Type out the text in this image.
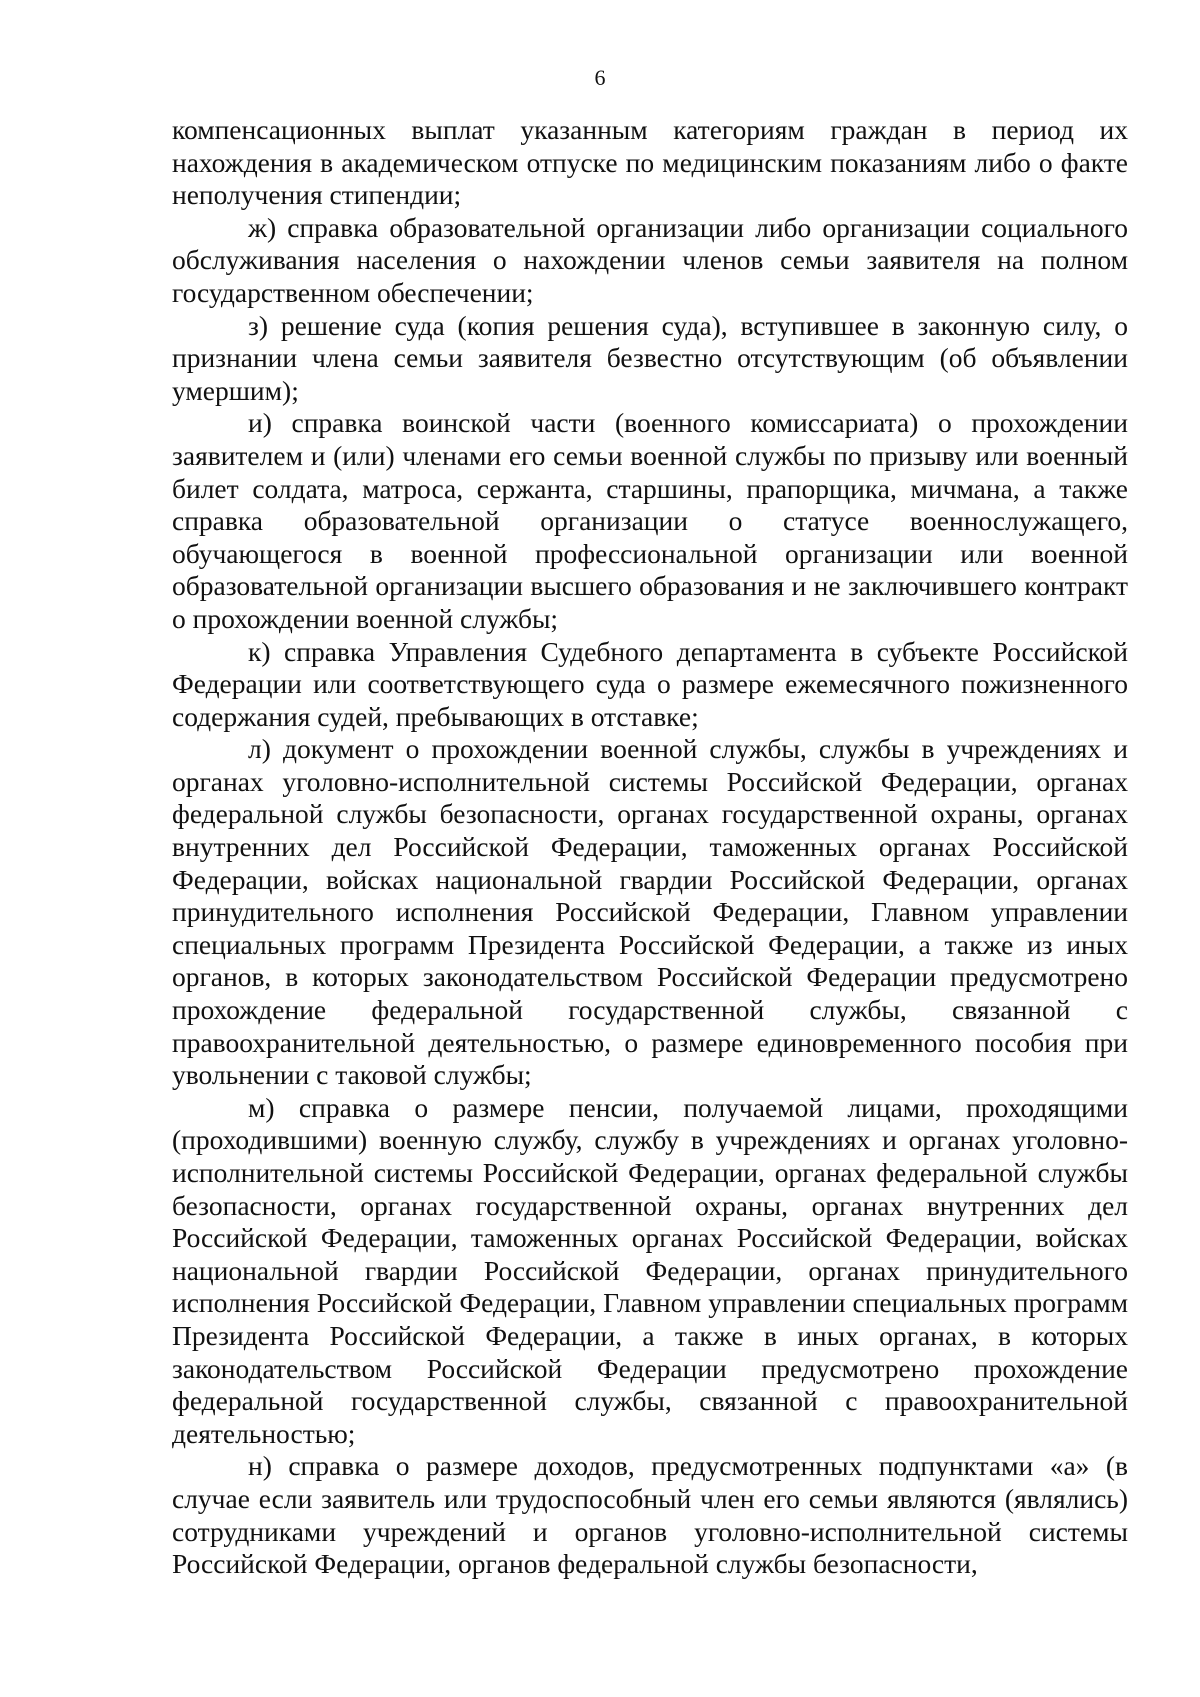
6

компенсационных выплат указанным категориям граждан в период их нахождения в академическом отпуске по медицинским показаниям либо о факте неполучения стипендии;

ж) справка образовательной организации либо организации социального обслуживания населения о нахождении членов семьи заявителя на полном государственном обеспечении;

з) решение суда (копия решения суда), вступившее в законную силу, о признании члена семьи заявителя безвестно отсутствующим (об объявлении умершим);

и) справка воинской части (военного комиссариата) о прохождении заявителем и (или) членами его семьи военной службы по призыву или военный билет солдата, матроса, сержанта, старшины, прапорщика, мичмана, а также справка образовательной организации о статусе военнослужащего, обучающегося в военной профессиональной организации или военной образовательной организации высшего образования и не заключившего контракт о прохождении военной службы;

к) справка Управления Судебного департамента в субъекте Российской Федерации или соответствующего суда о размере ежемесячного пожизненного содержания судей, пребывающих в отставке;

л) документ о прохождении военной службы, службы в учреждениях и органах уголовно-исполнительной системы Российской Федерации, органах федеральной службы безопасности, органах государственной охраны, органах внутренних дел Российской Федерации, таможенных органах Российской Федерации, войсках национальной гвардии Российской Федерации, органах принудительного исполнения Российской Федерации, Главном управлении специальных программ Президента Российской Федерации, а также из иных органов, в которых законодательством Российской Федерации предусмотрено прохождение федеральной государственной службы, связанной с правоохранительной деятельностью, о размере единовременного пособия при увольнении с таковой службы;

м) справка о размере пенсии, получаемой лицами, проходящими (проходившими) военную службу, службу в учреждениях и органах уголовно-исполнительной системы Российской Федерации, органах федеральной службы безопасности, органах государственной охраны, органах внутренних дел Российской Федерации, таможенных органах Российской Федерации, войсках национальной гвардии Российской Федерации, органах принудительного исполнения Российской Федерации, Главном управлении специальных программ Президента Российской Федерации, а также в иных органах, в которых законодательством Российской Федерации предусмотрено прохождение федеральной государственной службы, связанной с правоохранительной деятельностью;

н) справка о размере доходов, предусмотренных подпунктами «а» (в случае если заявитель или трудоспособный член его семьи являются (являлись) сотрудниками учреждений и органов уголовно-исполнительной системы Российской Федерации, органов федеральной службы безопасности,
